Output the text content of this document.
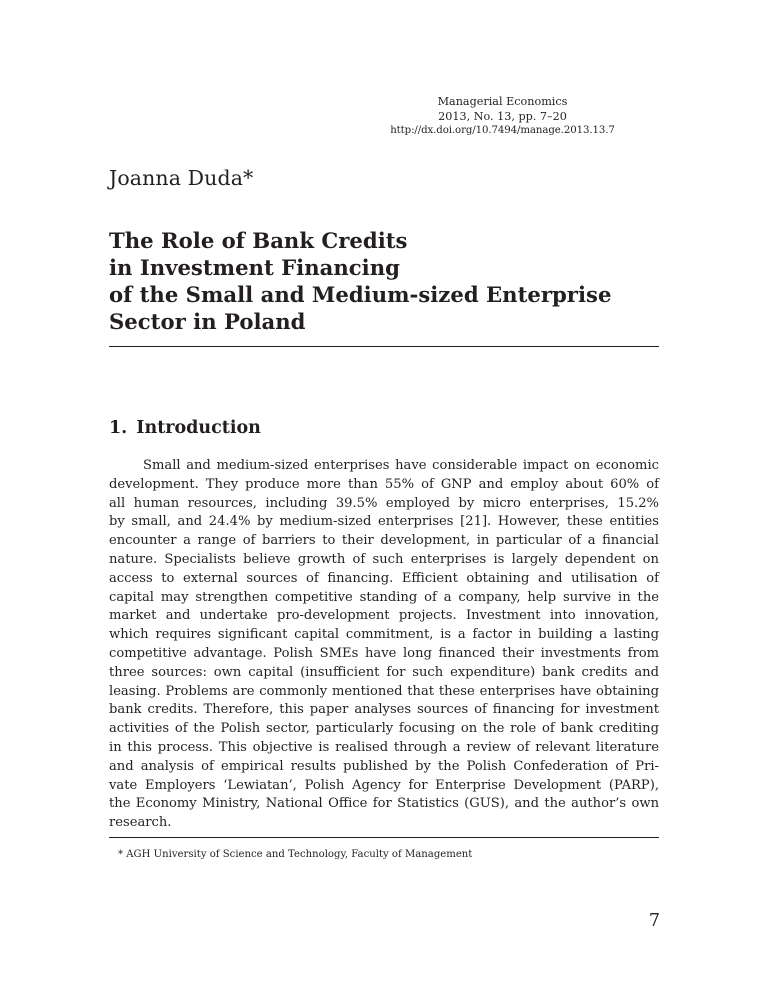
Managerial Economics
2013, No. 13, pp. 7–20
http://dx.doi.org/10.7494/manage.2013.13.7
Joanna Duda*
The Role of Bank Credits
in Investment Financing
of the Small and Medium-sized Enterprise
Sector in Poland
1. Introduction
Small and medium-sized enterprises have considerable impact on economic
development. They produce more than 55% of GNP and employ about 60% of
all human resources, including 39.5% employed by micro enterprises, 15.2%
by small, and 24.4% by medium-sized enterprises [21]. However, these entities
encounter a range of barriers to their development, in particular of a financial
nature. Specialists believe growth of such enterprises is largely dependent on
access to external sources of financing. Efficient obtaining and utilisation of
capital may strengthen competitive standing of a company, help survive in the
market and undertake pro-development projects. Investment into innovation,
which requires significant capital commitment, is a factor in building a lasting
competitive advantage. Polish SMEs have long financed their investments from
three sources: own capital (insufficient for such expenditure) bank credits and
leasing. Problems are commonly mentioned that these enterprises have obtaining
bank credits. Therefore, this paper analyses sources of financing for investment
activities of the Polish sector, particularly focusing on the role of bank crediting
in this process. This objective is realised through a review of relevant literature
and analysis of empirical results published by the Polish Confederation of Pri-
vate Employers ‘Lewiatan’, Polish Agency for Enterprise Development (PARP),
the Economy Ministry, National Office for Statistics (GUS), and the author’s own
research.
* AGH University of Science and Technology, Faculty of Management
7
